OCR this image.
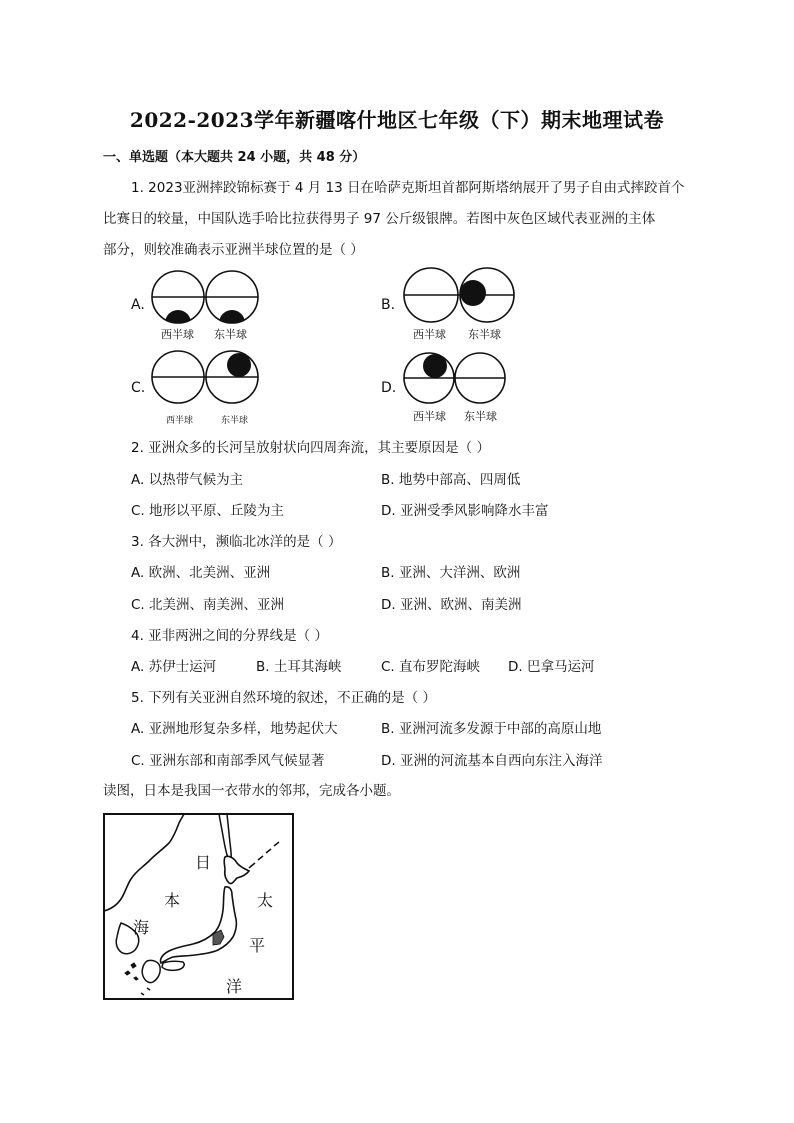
2022-2023学年新疆喀什地区七年级（下）期末地理试卷
一、单选题（本大题共 24 小题，共 48 分）
1. 2023亚洲摔跤锦标赛于 4 月 13 日在哈萨克斯坦首都阿斯塔纳展开了男子自由式摔跤首个
比赛日的较量，中国队选手哈比拉获得男子 97 公斤级银牌。若图中灰色区域代表亚洲的主体
部分，则较准确表示亚洲半球位置的是（ ）
A.
西半球 东半球
B.
西半球 东半球
C.
西半球	东半球
D.
西半球 东半球
2. 亚洲众多的长河呈放射状向四周奔流，其主要原因是（ ）
A. 以热带气候为主	B. 地势中部高、四周低
C. 地形以平原、丘陵为主	D. 亚洲受季风影响降水丰富
3. 各大洲中，濒临北冰洋的是（ ）
A. 欧洲、北美洲、亚洲	B. 亚洲、大洋洲、欧洲
C. 北美洲、南美洲、亚洲	D. 亚洲、欧洲、南美洲
4. 亚非两洲之间的分界线是（ ）
A. 苏伊士运河	B. 土耳其海峡	C. 直布罗陀海峡 D. 巴拿马运河
5. 下列有关亚洲自然环境的叙述，不正确的是（ ）
A. 亚洲地形复杂多样，地势起伏大	B. 亚洲河流多发源于中部的高原山地
C. 亚洲东部和南部季风气候显著	D. 亚洲的河流基本自西向东注入海洋
读图，日本是我国一衣带水的邻邦，完成各小题。
日
本
海
太
平
洋
